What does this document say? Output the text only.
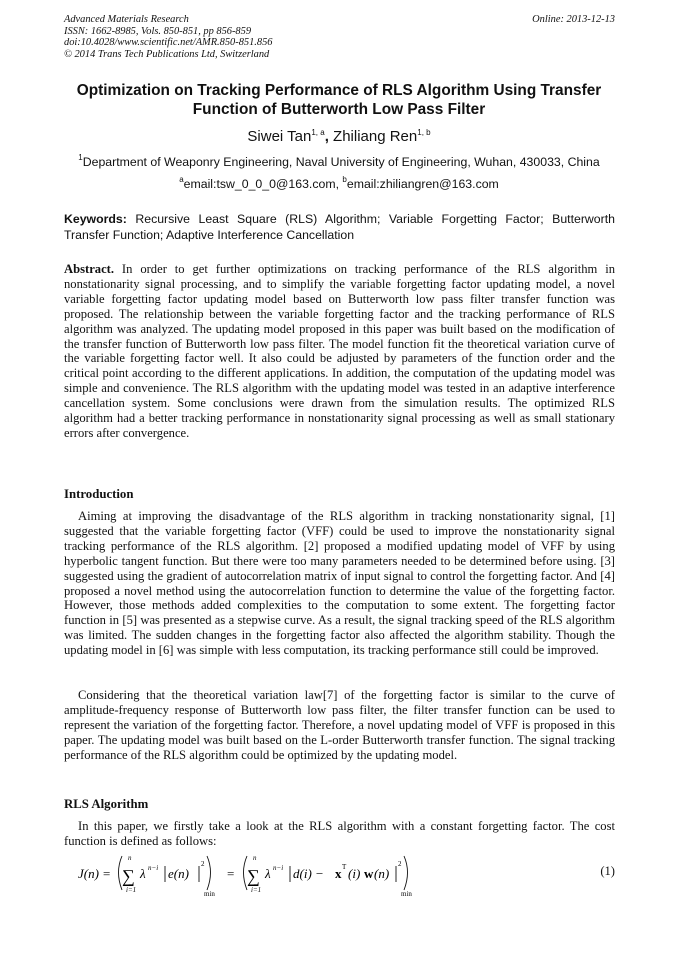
Advanced Materials Research
ISSN: 1662-8985, Vols. 850-851, pp 856-859
doi:10.4028/www.scientific.net/AMR.850-851.856
© 2014 Trans Tech Publications Ltd, Switzerland
Online: 2013-12-13
Optimization on Tracking Performance of RLS Algorithm Using Transfer
Function of Butterworth Low Pass Filter
Siwei Tan$^{1, a}$, Zhiliang Ren$^{1, b}$
$^1$Department of Weaponry Engineering, Naval University of Engineering, Wuhan, 430033, China
$^a$email:tsw_0_0_0@163.com, $^b$email:zhiliangren@163.com
Keywords: Recursive Least Square (RLS) Algorithm; Variable Forgetting Factor; Butterworth Transfer Function; Adaptive Interference Cancellation
Abstract. In order to get further optimizations on tracking performance of the RLS algorithm in nonstationarity signal processing, and to simplify the variable forgetting factor updating model, a novel variable forgetting factor updating model based on Butterworth low pass filter transfer function was proposed. The relationship between the variable forgetting factor and the tracking performance of RLS algorithm was analyzed. The updating model proposed in this paper was built based on the modification of the transfer function of Butterworth low pass filter. The model function fit the theoretical variation curve of the variable forgetting factor well. It also could be adjusted by parameters of the function order and the critical point according to the different applications. In addition, the computation of the updating model was simple and convenience. The RLS algorithm with the updating model was tested in an adaptive interference cancellation system. Some conclusions were drawn from the simulation results. The optimized RLS algorithm had a better tracking performance in nonstationarity signal processing as well as small stationary errors after convergence.
Introduction
Aiming at improving the disadvantage of the RLS algorithm in tracking nonstationarity signal, [1] suggested that the variable forgetting factor (VFF) could be used to improve the nonstationarity signal tracking performance of the RLS algorithm. [2] proposed a modified updating model of VFF by using hyperbolic tangent function. But there were too many parameters needed to be determined before using. [3] suggested using the gradient of autocorrelation matrix of input signal to control the forgetting factor. And [4] proposed a novel method using the autocorrelation function to determine the value of the forgetting factor. However, those methods added complexities to the computation to some extent. The forgetting factor function in [5] was presented as a stepwise curve. As a result, the signal tracking speed of the RLS algorithm was limited. The sudden changes in the forgetting factor also affected the algorithm stability. Though the updating model in [6] was simple with less computation, its tracking performance still could be improved.
Considering that the theoretical variation law[7] of the forgetting factor is similar to the curve of amplitude-frequency response of Butterworth low pass filter, the filter transfer function can be used to represent the variation of the forgetting factor. Therefore, a novel updating model of VFF is proposed in this paper. The updating model was built based on the L-order Butterworth transfer function. The signal tracking performance of the RLS algorithm could be optimized by the updating model.
RLS Algorithm
In this paper, we firstly take a look at the RLS algorithm with a constant forgetting factor. The cost function is defined as follows:
J(n) =
n
∑
i=1
λ n−i e(n)
2
min
=
n
∑
i=1
λ n−i d(i) − x T (i) w (n)
2
min
(1)
